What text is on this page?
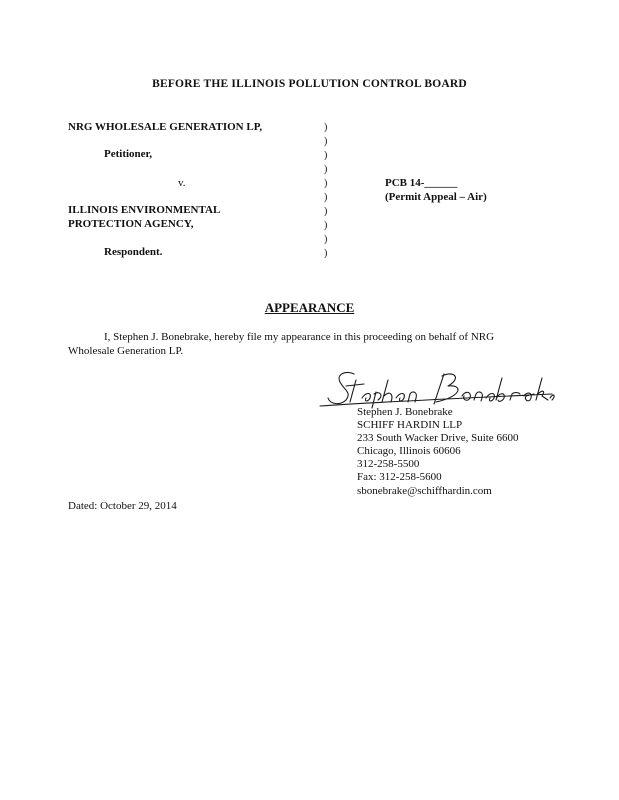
BEFORE THE ILLINOIS POLLUTION CONTROL BOARD
NRG WHOLESALE GENERATION LP,
Petitioner,
v.
ILLINOIS ENVIRONMENTAL
PROTECTION AGENCY,
Respondent.
)
)
)
)
)
)
)
)
)
)
PCB 14-______
(Permit Appeal – Air)
APPEARANCE
I, Stephen J. Bonebrake, hereby file my appearance in this proceeding on behalf of NRG
Wholesale Generation LP.
Stephen J. Bonebrake
SCHIFF HARDIN LLP
233 South Wacker Drive, Suite 6600
Chicago, Illinois 60606
312-258-5500
Fax: 312-258-5600
sbonebrake@schiffhardin.com
Dated: October 29, 2014
